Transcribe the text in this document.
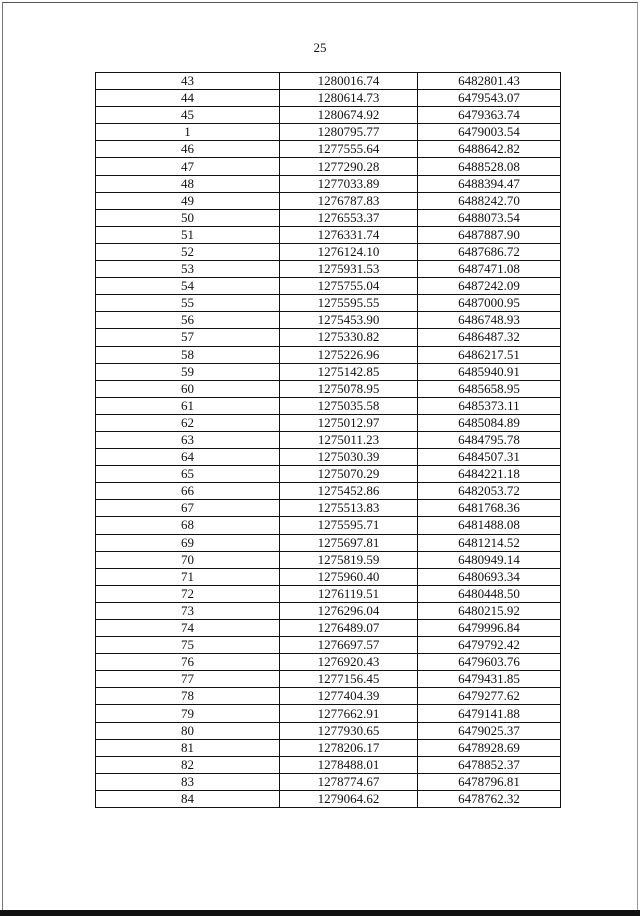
25
43	1280016.74	6482801.43
44	1280614.73	6479543.07
45	1280674.92	6479363.74
1	1280795.77	6479003.54
46	1277555.64	6488642.82
47	1277290.28	6488528.08
48	1277033.89	6488394.47
49	1276787.83	6488242.70
50	1276553.37	6488073.54
51	1276331.74	6487887.90
52	1276124.10	6487686.72
53	1275931.53	6487471.08
54	1275755.04	6487242.09
55	1275595.55	6487000.95
56	1275453.90	6486748.93
57	1275330.82	6486487.32
58	1275226.96	6486217.51
59	1275142.85	6485940.91
60	1275078.95	6485658.95
61	1275035.58	6485373.11
62	1275012.97	6485084.89
63	1275011.23	6484795.78
64	1275030.39	6484507.31
65	1275070.29	6484221.18
66	1275452.86	6482053.72
67	1275513.83	6481768.36
68	1275595.71	6481488.08
69	1275697.81	6481214.52
70	1275819.59	6480949.14
71	1275960.40	6480693.34
72	1276119.51	6480448.50
73	1276296.04	6480215.92
74	1276489.07	6479996.84
75	1276697.57	6479792.42
76	1276920.43	6479603.76
77	1277156.45	6479431.85
78	1277404.39	6479277.62
79	1277662.91	6479141.88
80	1277930.65	6479025.37
81	1278206.17	6478928.69
82	1278488.01	6478852.37
83	1278774.67	6478796.81
84	1279064.62	6478762.32
